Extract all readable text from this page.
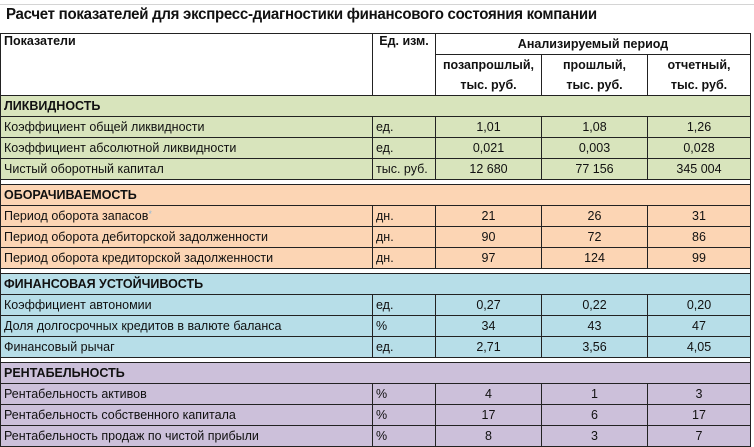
Расчет показателей для экспресс-диагностики финансового состояния компании
Показатели	Ед. изм.	Анализируемый период		
		позапрошлый,	прошлый,	отчетный,
		тыс. руб.	тыс. руб.	тыс. руб.
ЛИКВИДНОСТЬ				
Коэффициент общей ликвидности	ед.	1,01	1,08	1,26
Коэффициент абсолютной ликвидности	ед.	0,021	0,003	0,028
Чистый оборотный капитал	тыс. руб.	12 680	77 156	345 004

ОБОРАЧИВАЕМОСТЬ				
Период оборота запасов*	дн.	21	26	31
Период оборота дебиторской задолженности	дн.	90	72	86
Период оборота кредиторской задолженности	дн.	97	124	99

ФИНАНСОВАЯ УСТОЙЧИВОСТЬ				
Коэффициент автономии	ед.	0,27	0,22	0,20
Доля долгосрочных кредитов в валюте баланса	%	34	43	47
Финансовый рычаг	ед.	2,71	3,56	4,05

РЕНТАБЕЛЬНОСТЬ				
Рентабельность активов	%	4	1	3
Рентабельность собственного капитала	%	17	6	17
Рентабельность продаж по чистой прибыли	%	8	3	7
